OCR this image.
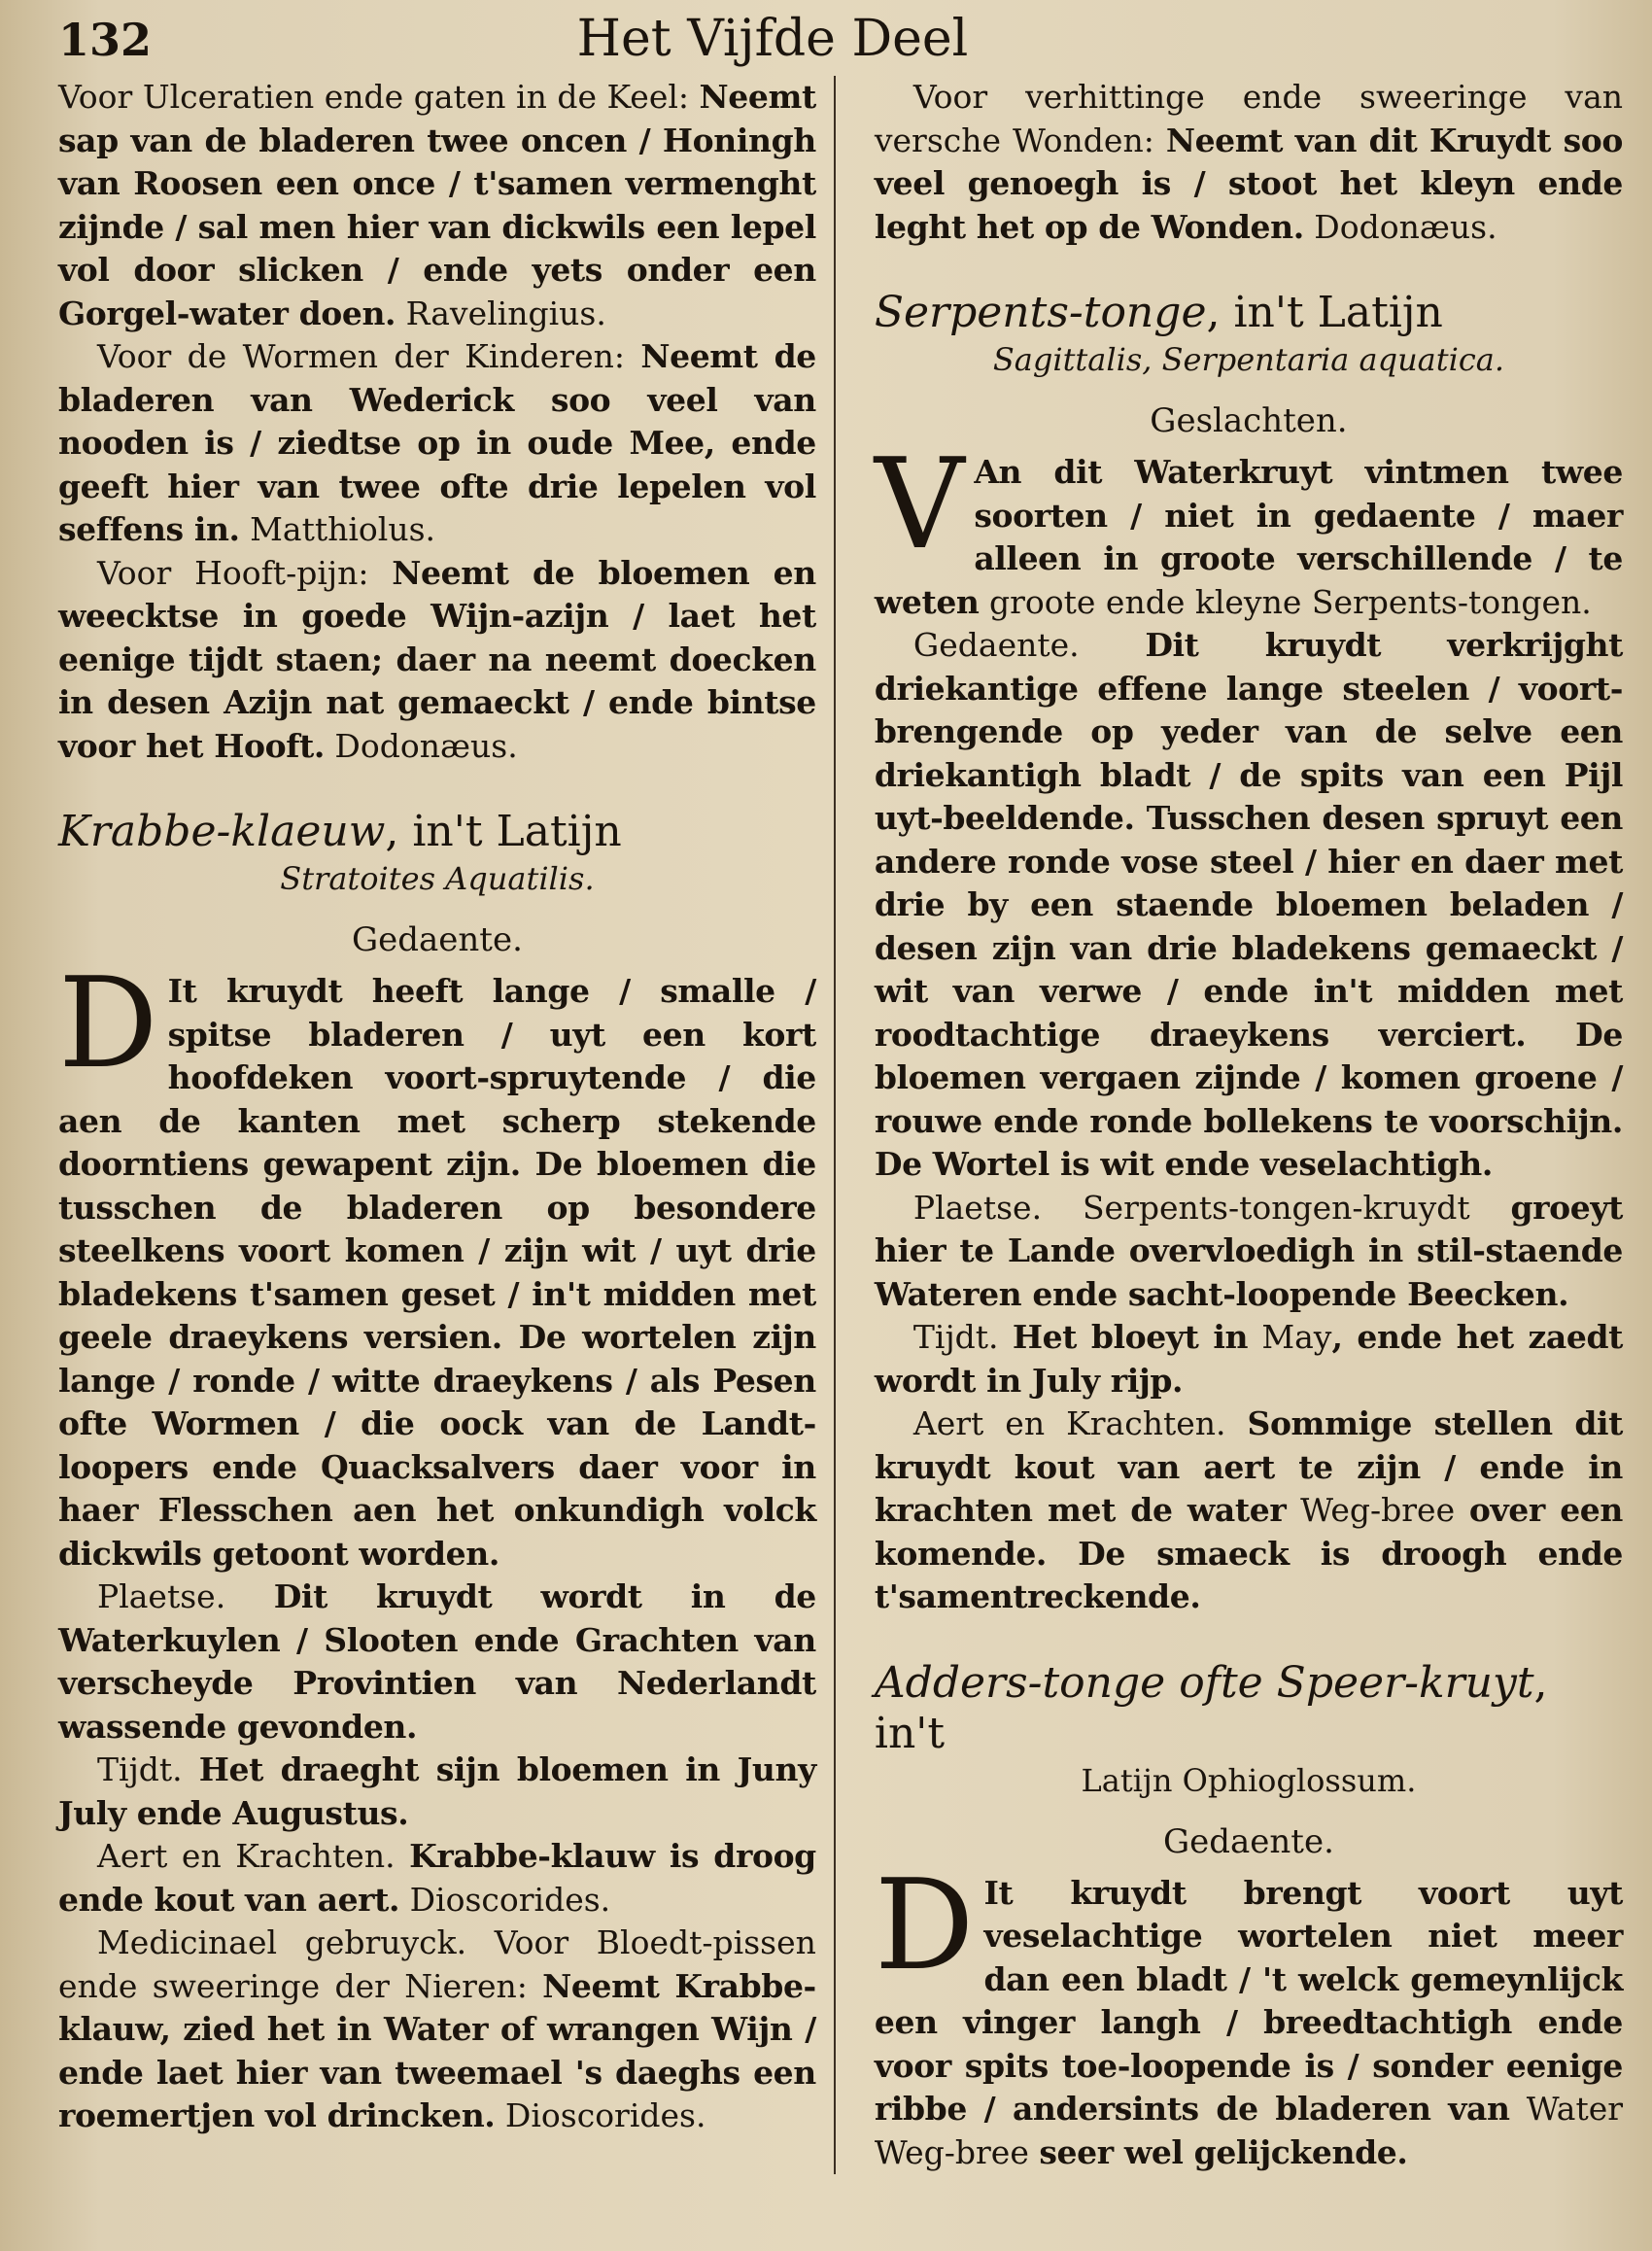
132	Het Vijfde Deel

Voor Ulceratien ende gaten in de Keel: Neemt sap van de bladeren twee oncen / Honingh van Roosen een once / t'samen vermenght zijnde / sal men hier van dickwils een lepel vol door slicken / ende yets onder een Gorgel-water doen. Ravelingius.

Voor de Wormen der Kinderen: Neemt de bladeren van Wederick soo veel van nooden is / ziedtse op in oude Mee, ende geeft hier van twee ofte drie lepelen vol seffens in. Matthiolus.

Voor Hooft-pijn: Neemt de bloemen en weecktse in goede Wijn-azijn / laet het eenige tijdt staen; daer na neemt doecken in desen Azijn nat gemaeckt / ende bintse voor het Hooft. Dodonæus.

Krabbe-klaeuw, in't Latijn

Stratoites Aquatilis.

Gedaente.

D It kruydt heeft lange / smalle / spitse bladeren / uyt een kort hoofdeken voort-spruytende / die aen de kanten met scherp stekende doorntiens gewapent zijn. De bloemen die tusschen de bladeren op besondere steelkens voort komen / zijn wit / uyt drie bladekens t'samen geset / in't midden met geele draeykens versien. De wortelen zijn lange / ronde / witte draeykens / als Pesen ofte Wormen / die oock van de Landt-loopers ende Quacksalvers daer voor in haer Flesschen aen het onkundigh volck dickwils getoont worden.

Plaetse. Dit kruydt wordt in de Waterkuylen / Slooten ende Grachten van verscheyde Provintien van Nederlandt wassende gevonden.

Tijdt. Het draeght sijn bloemen in Juny July ende Augustus.

Aert en Krachten. Krabbe-klauw is droog ende kout van aert. Dioscorides.

Medicinael gebruyck. Voor Bloedt-pissen ende sweeringe der Nieren: Neemt Krabbe-klauw, zied het in Water of wrangen Wijn / ende laet hier van tweemael 's daeghs een roemertjen vol drincken. Dioscorides.

Voor verhittinge ende sweeringe van versche Wonden: Neemt van dit Kruydt soo veel genoegh is / stoot het kleyn ende leght het op de Wonden. Dodonæus.

Serpents-tonge, in't Latijn

Sagittalis, Serpentaria aquatica.

Geslachten.

V An dit Waterkruyt vintmen twee soorten / niet in gedaente / maer alleen in groote verschillende / te weten groote ende kleyne Serpents-tongen.

Gedaente. Dit kruydt verkrijght driekantige effene lange steelen / voort-brengende op yeder van de selve een driekantigh bladt / de spits van een Pijl uyt-beeldende. Tusschen desen spruyt een andere ronde vose steel / hier en daer met drie by een staende bloemen beladen / desen zijn van drie bladekens gemaeckt / wit van verwe / ende in't midden met roodtachtige draeykens verciert. De bloemen vergaen zijnde / komen groene / rouwe ende ronde bollekens te voorschijn. De Wortel is wit ende veselachtigh.

Plaetse. Serpents-tongen-kruydt groeyt hier te Lande overvloedigh in stil-staende Wateren ende sacht-loopende Beecken.

Tijdt. Het bloeyt in May, ende het zaedt wordt in July rijp.

Aert en Krachten. Sommige stellen dit kruydt kout van aert te zijn / ende in krachten met de water Weg-bree over een komende. De smaeck is droogh ende t'samentreckende.

Adders-tonge ofte Speer-kruyt, in't

Latijn Ophioglossum.

Gedaente.

D It kruydt brengt voort uyt veselachtige wortelen niet meer dan een bladt / 't welck gemeynlijck een vinger langh / breedtachtigh ende voor spits toe-loopende is / sonder eenige ribbe / andersints de bladeren van Water Weg-bree seer wel gelijckende.
